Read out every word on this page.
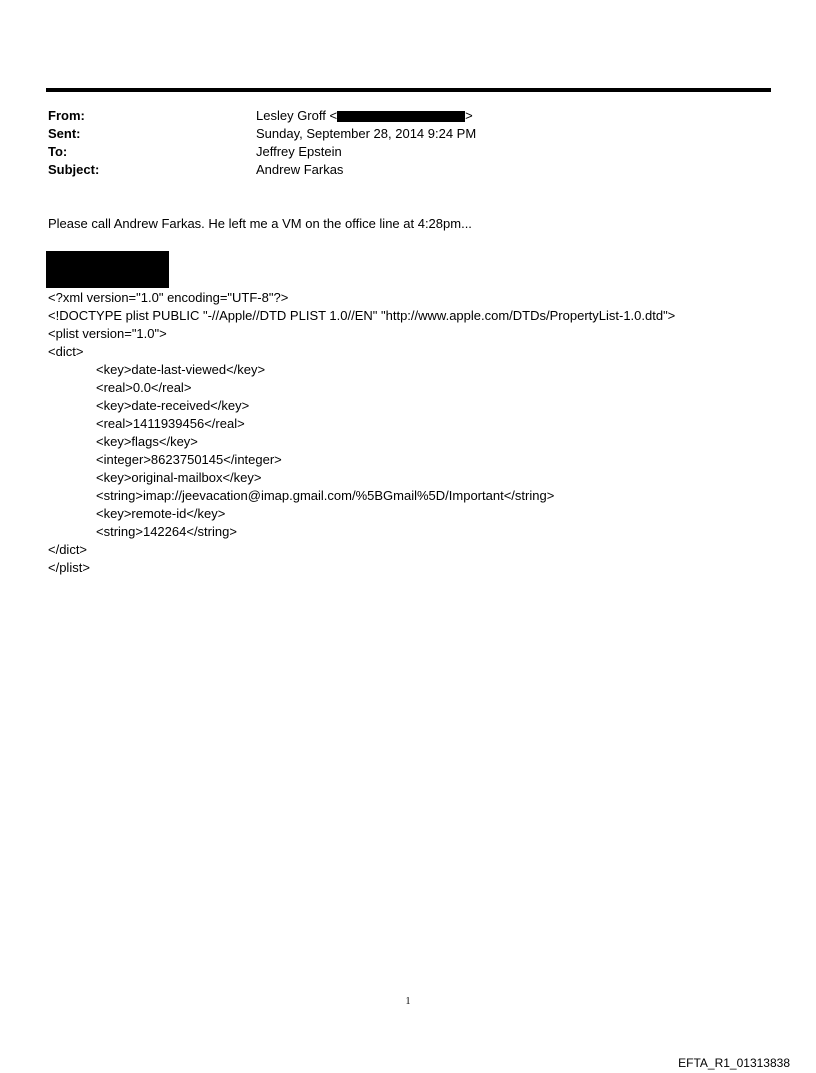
From:	Lesley Groff <	>
Sent:	Sunday, September 28, 2014 9:24 PM
To:	Jeffrey Epstein
Subject:	Andrew Farkas
Please call Andrew Farkas. He left me a VM on the office line at 4:28pm...
<?xml version="1.0" encoding="UTF-8"?>
<!DOCTYPE plist PUBLIC "-//Apple//DTD PLIST 1.0//EN" "http://www.apple.com/DTDs/PropertyList-1.0.dtd">
<plist version="1.0">
<dict>
<key>date-last-viewed</key>
<real>0.0</real>
<key>date-received</key>
<real>1411939456</real>
<key>flags</key>
<integer>8623750145</integer>
<key>original-mailbox</key>
<string>imap://jeevacation@imap.gmail.com/%5BGmail%5D/Important</string>
<key>remote-id</key>
<string>142264</string>
</dict>
</plist>
1
EFTA_R1_01313838
